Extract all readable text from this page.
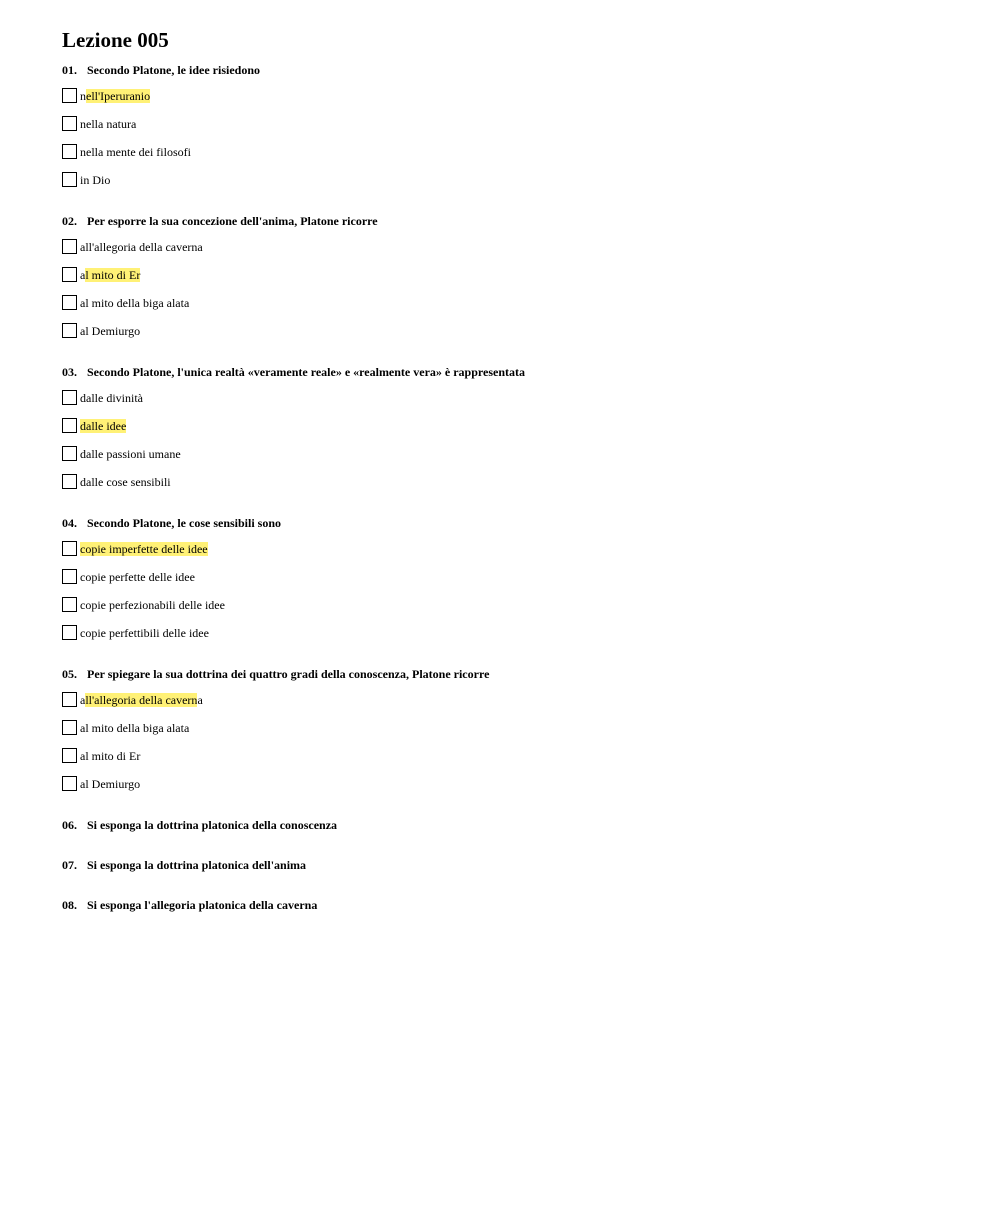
Lezione 005
01. Secondo Platone, le idee risiedono
nell'Iperuranio
nella natura
nella mente dei filosofi
in Dio
02. Per esporre la sua concezione dell'anima, Platone ricorre
all'allegoria della caverna
al mito di Er
al mito della biga alata
al Demiurgo
03. Secondo Platone, l'unica realtà «veramente reale» e «realmente vera» è rappresentata
dalle divinità
dalle idee
dalle passioni umane
dalle cose sensibili
04. Secondo Platone, le cose sensibili sono
copie imperfette delle idee
copie perfette delle idee
copie perfezionabili delle idee
copie perfettibili delle idee
05. Per spiegare la sua dottrina dei quattro gradi della conoscenza, Platone ricorre
all'allegoria della caverna
al mito della biga alata
al mito di Er
al Demiurgo
06. Si esponga la dottrina platonica della conoscenza
07. Si esponga la dottrina platonica dell'anima
08. Si esponga l'allegoria platonica della caverna
